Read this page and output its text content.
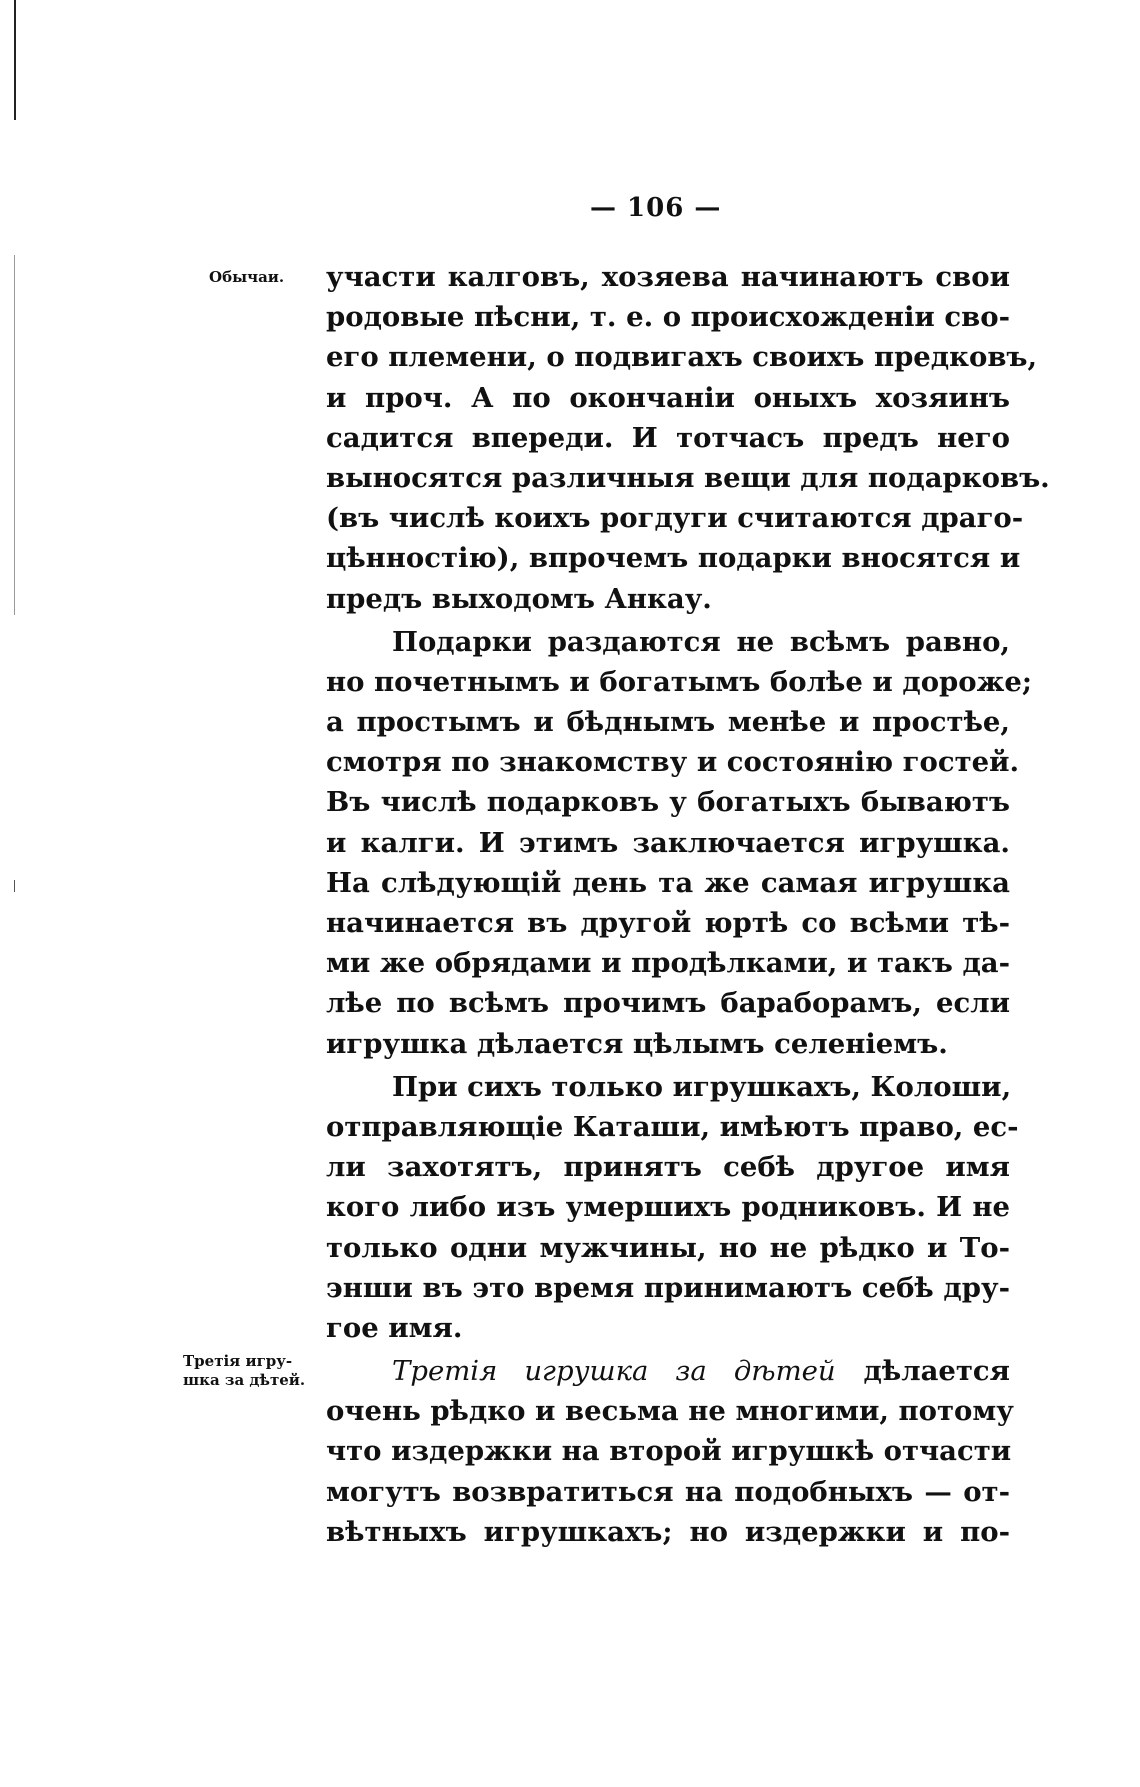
— 106 —
Обычаи.
Третія игру-
шка за дѣтей.
участи калговъ, хозяева начинаютъ свои
родовые пѣсни, т. е. о происхожденіи сво-
его племени, о подвигахъ своихъ предковъ,
и проч. А по окончаніи оныхъ хозяинъ
садится впереди. И тотчасъ предъ него
выносятся различныя вещи для подарковъ.
(въ числѣ коихъ рогдуги считаются драго-
цѣнностію), впрочемъ подарки вносятся и
предъ выходомъ Анкау.
Подарки раздаются не всѣмъ равно,
но почетнымъ и богатымъ болѣе и дороже;
а простымъ и бѣднымъ менѣе и простѣе,
смотря по знакомству и состоянію гостей.
Въ числѣ подарковъ у богатыхъ бываютъ
и калги. И этимъ заключается игрушка.
На слѣдующій день та же самая игрушка
начинается въ другой юртѣ со всѣми тѣ-
ми же обрядами и продѣлками, и такъ да-
лѣе по всѣмъ прочимъ бараборамъ, если
игрушка дѣлается цѣлымъ селеніемъ.
При сихъ только игрушкахъ, Колоши,
отправляющіе Каташи, имѣютъ право, ес-
ли захотятъ, принятъ себѣ другое имя
кого либо изъ умершихъ родниковъ. И не
только одни мужчины, но не рѣдко и То-
энши въ это время принимаютъ себѣ дру-
гое имя.
Третія игрушка за дѣтей дѣлается
очень рѣдко и весьма не многими, потому
что издержки на второй игрушкѣ отчасти
могутъ возвратиться на подобныхъ — от-
вѣтныхъ игрушкахъ; но издержки и по-
